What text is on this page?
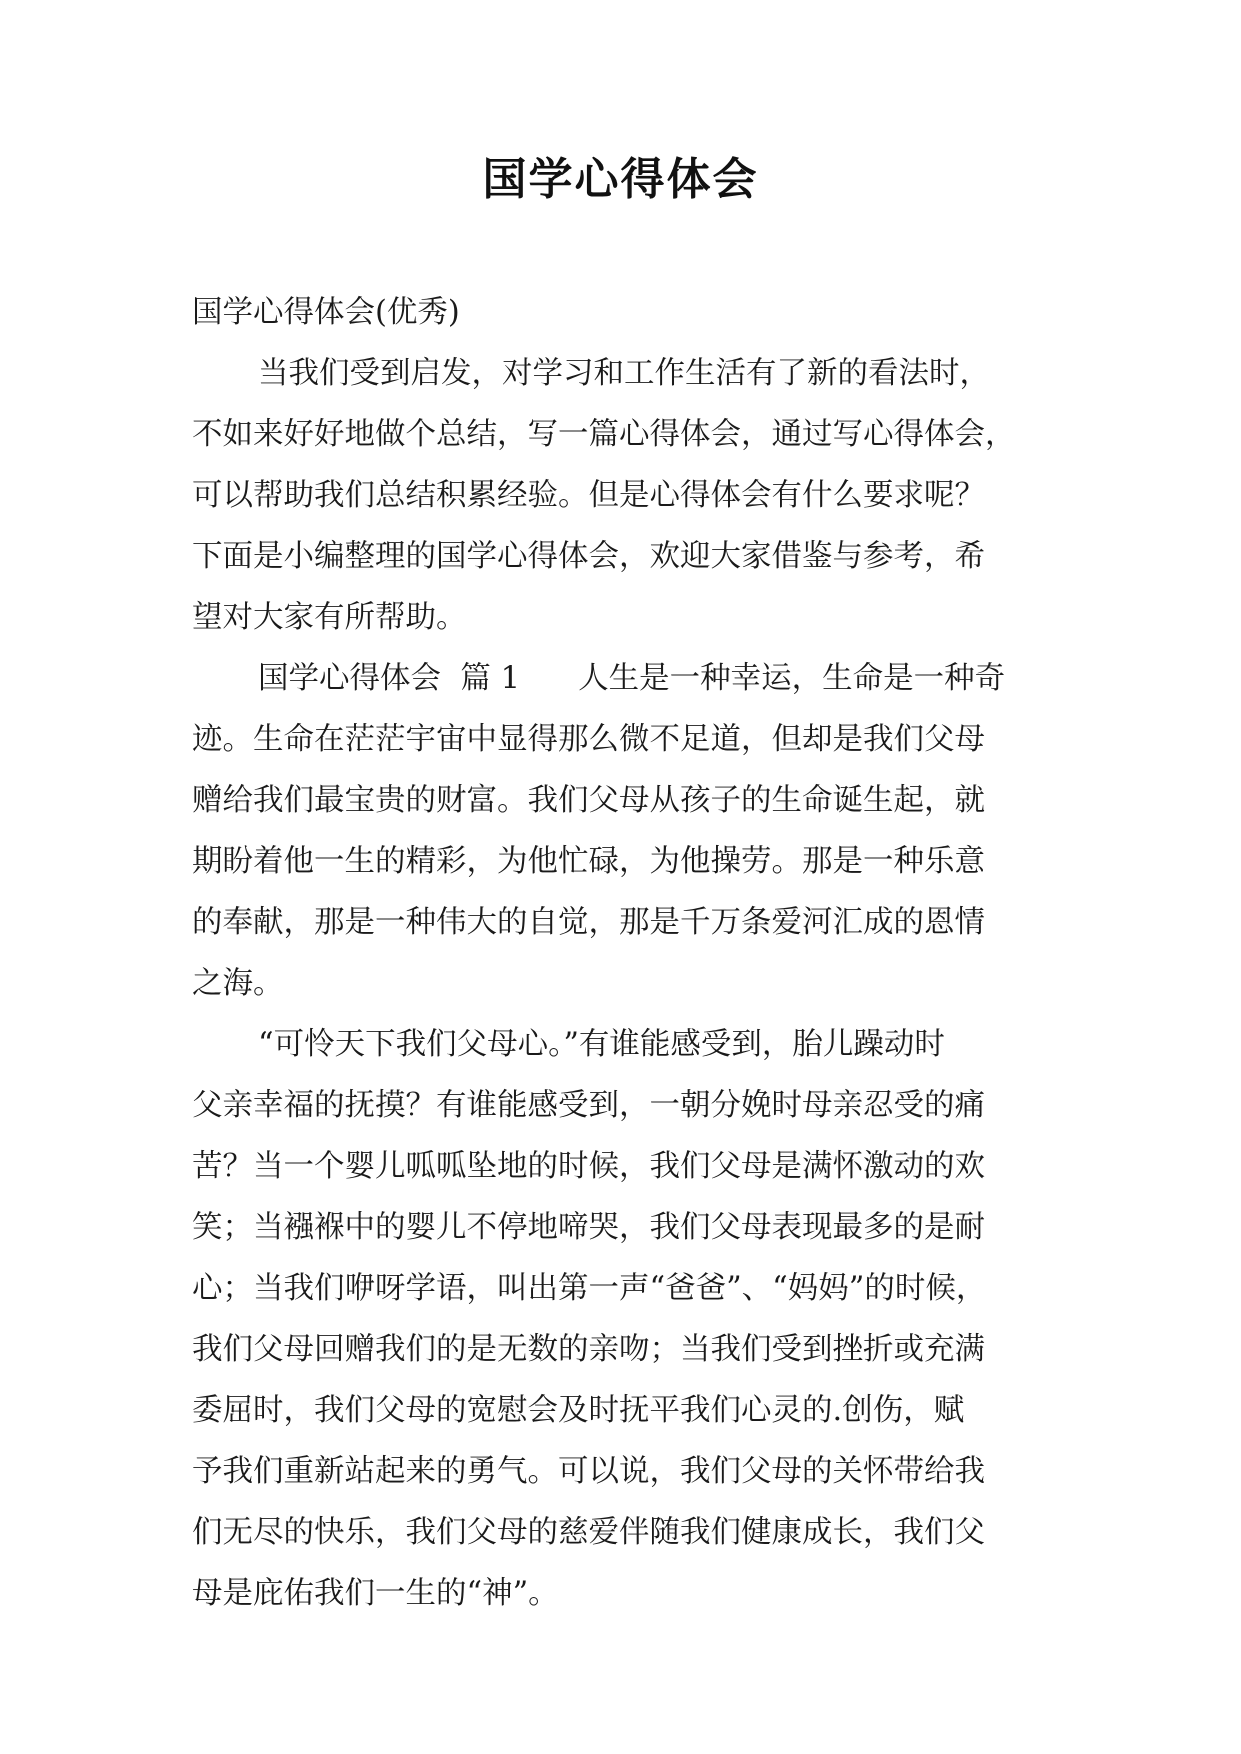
国学心得体会
国学心得体会(优秀)
当我们受到启发，对学习和工作生活有了新的看法时，
不如来好好地做个总结，写一篇心得体会，通过写心得体会，
可以帮助我们总结积累经验。但是心得体会有什么要求呢？
下面是小编整理的国学心得体会，欢迎大家借鉴与参考，希
望对大家有所帮助。
国学心得体会  篇 1      人生是一种幸运，生命是一种奇
迹。生命在茫茫宇宙中显得那么微不足道，但却是我们父母
赠给我们最宝贵的财富。我们父母从孩子的生命诞生起，就
期盼着他一生的精彩，为他忙碌，为他操劳。那是一种乐意
的奉献，那是一种伟大的自觉，那是千万条爱河汇成的恩情
之海。
“可怜天下我们父母心。”有谁能感受到，胎儿躁动时
父亲幸福的抚摸？有谁能感受到，一朝分娩时母亲忍受的痛
苦？当一个婴儿呱呱坠地的时候，我们父母是满怀激动的欢
笑；当襁褓中的婴儿不停地啼哭，我们父母表现最多的是耐
心；当我们咿呀学语，叫出第一声“爸爸”、“妈妈”的时候，
我们父母回赠我们的是无数的亲吻；当我们受到挫折或充满
委屈时，我们父母的宽慰会及时抚平我们心灵的.创伤，赋
予我们重新站起来的勇气。可以说，我们父母的关怀带给我
们无尽的快乐，我们父母的慈爱伴随我们健康成长，我们父
母是庇佑我们一生的“神”。
